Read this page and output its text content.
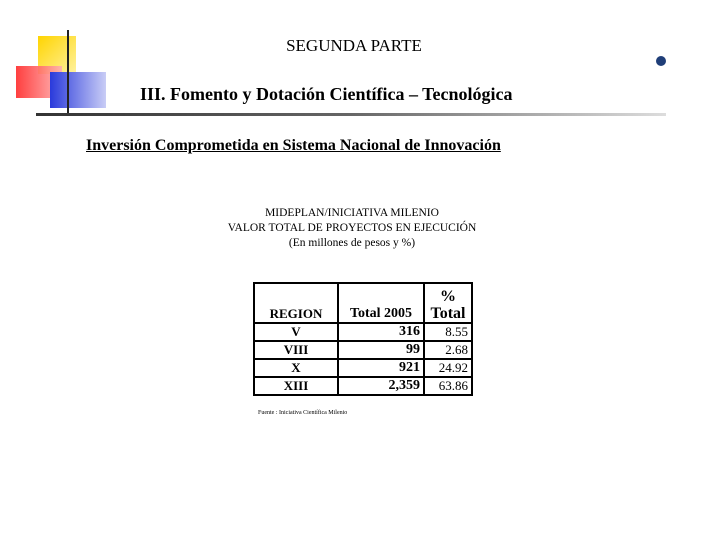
SEGUNDA PARTE
III. Fomento y Dotación Científica – Tecnológica
Inversión Comprometida en Sistema Nacional de Innovación
MIDEPLAN/INICIATIVA MILENIO
VALOR TOTAL DE PROYECTOS EN EJECUCIÓN
(En millones de pesos y %)
REGION	Total 2005	%
Total

V	316	8.55
VIII	99	2.68
X	921	24.92
XIII	2,359	63.86
Fuente : Iniciativa Científica Milenio
